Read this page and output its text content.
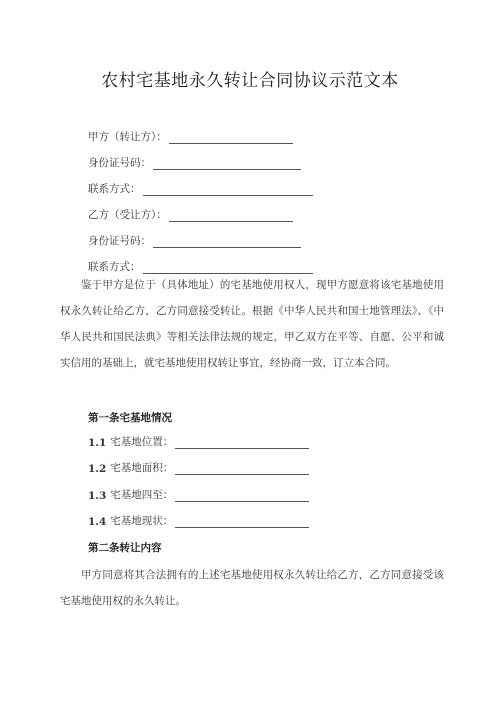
农村宅基地永久转让合同协议示范文本
甲方（转让方）：
身份证号码：
联系方式：
乙方（受让方）：
身份证号码：
联系方式：
鉴于甲方是位于（具体地址）的宅基地使用权人，现甲方愿意将该宅基地使用权永久转让给乙方，乙方同意接受转让。根据《中华人民共和国土地管理法》、《中华人民共和国民法典》等相关法律法规的规定，甲乙双方在平等、自愿、公平和诚实信用的基础上，就宅基地使用权转让事宜，经协商一致，订立本合同。
第一条宅基地情况
1.1 宅基地位置：
1.2 宅基地面积：
1.3 宅基地四至：
1.4 宅基地现状：
第二条转让内容
甲方同意将其合法拥有的上述宅基地使用权永久转让给乙方，乙方同意接受该宅基地使用权的永久转让。
